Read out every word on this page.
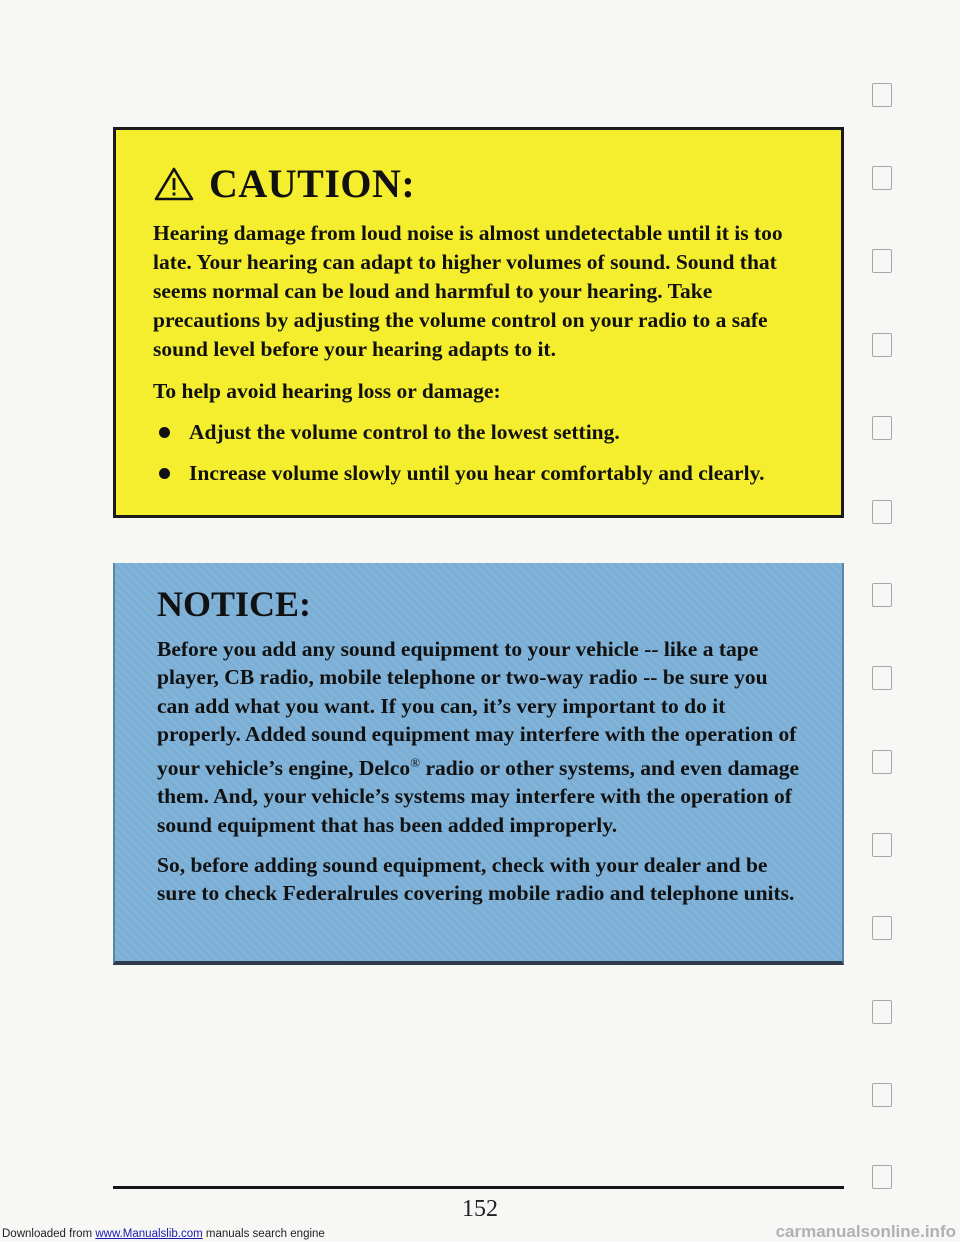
CAUTION:

Hearing damage from loud noise is almost undetectable until it is too late. Your hearing can adapt to higher volumes of sound. Sound that seems normal can be loud and harmful to your hearing. Take precautions by adjusting the volume control on your radio to a safe sound level before your hearing adapts to it.

To help avoid hearing loss or damage:

Adjust the volume control to the lowest setting.
Increase volume slowly until you hear comfortably and clearly.
NOTICE:

Before you add any sound equipment to your vehicle -- like a tape player, CB radio, mobile telephone or two-way radio -- be sure you can add what you want. If you can, it’s very important to do it properly. Added sound equipment may interfere with the operation of your vehicle’s engine, Delco® radio or other systems, and even damage them. And, your vehicle’s systems may interfere with the operation of sound equipment that has been added improperly.

So, before adding sound equipment, check with your dealer and be sure to check Federalrules covering mobile radio and telephone units.

152
Downloaded from www.Manualslib.com manuals search engine	carmanualsonline.info
